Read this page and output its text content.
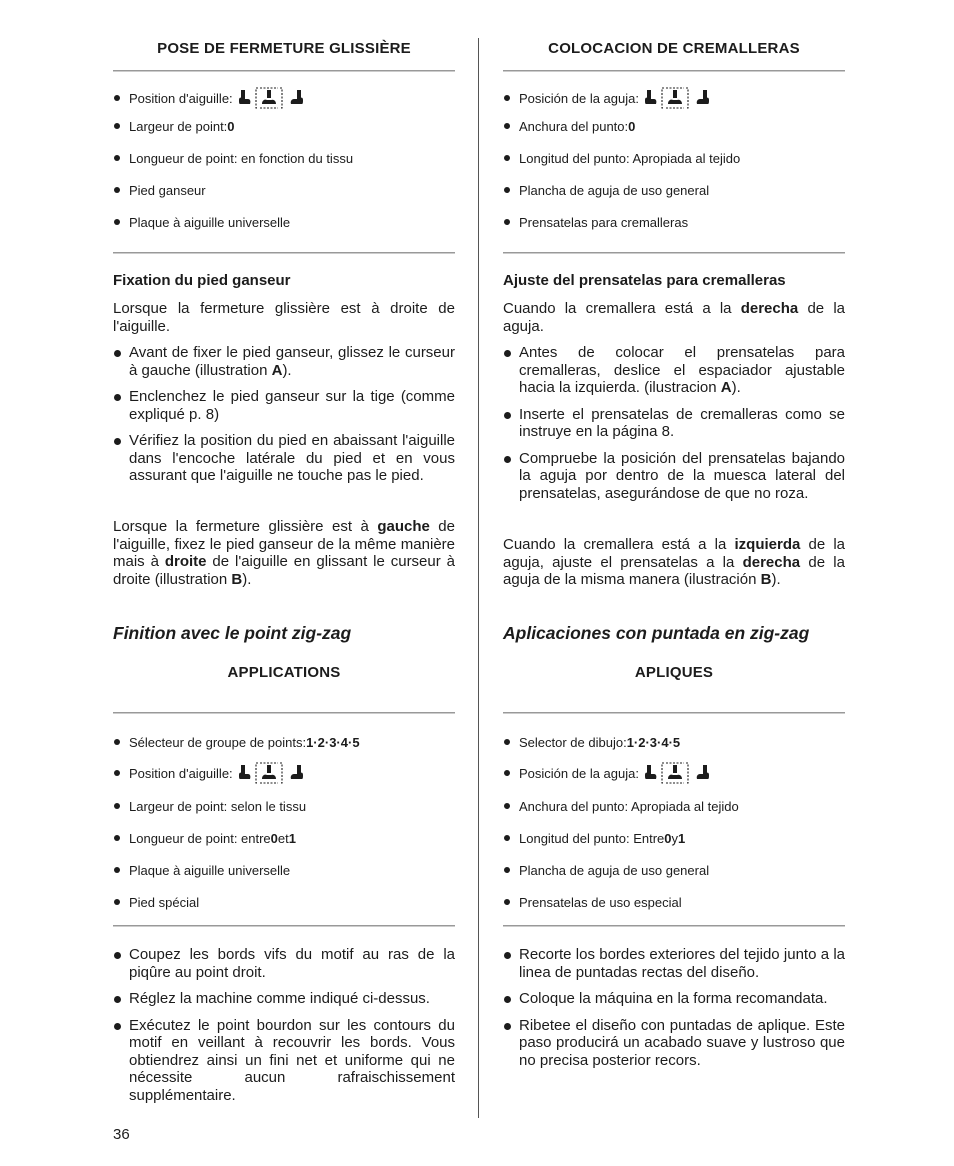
POSE DE FERMETURE GLISSIÈRE
Position d'aiguille:
Largeur de point: 0
Longueur de point: en fonction du tissu
Pied ganseur
Plaque à aiguille universelle
Fixation du pied ganseur

Lorsque la fermeture glissière est à droite de l'aiguille.

Avant de fixer le pied ganseur, glissez le curseur à gauche (illustration A).
Enclenchez le pied ganseur sur la tige (comme expliqué p. 8)
Vérifiez la position du pied en abaissant l'aiguille dans l'encoche latérale du pied et en vous assurant que l'aiguille ne touche pas le pied.

Lorsque la fermeture glissière est à gauche de l'aiguille, fixez le pied ganseur de la même manière mais à droite de l'aiguille en glissant le curseur à droite (illustration B).

Finition avec le point zig-zag
APPLICATIONS
Sélecteur de groupe de points: 1·2·3·4·5
Position d'aiguille:
Largeur de point: selon le tissu
Longueur de point: entre 0 et 1
Plaque à aiguille universelle
Pied spécial
Coupez les bords vifs du motif au ras de la piqûre au point droit.
Réglez la machine comme indiqué ci-dessus.
Exécutez le point bourdon sur les contours du motif en veillant à recouvrir les bords. Vous obtiendrez ainsi un fini net et uniforme qui ne nécessite aucun rafraischissement supplémentaire.
COLOCACION DE CREMALLERAS
Posición de la aguja:
Anchura del punto: 0
Longitud del punto: Apropiada al tejido
Plancha de aguja de uso general
Prensatelas para cremalleras
Ajuste del prensatelas para cremalleras

Cuando la cremallera está a la derecha de la aguja.

Antes de colocar el prensatelas para cremalleras, deslice el espaciador ajustable hacia la izquierda. (ilustracion A).
Inserte el prensatelas de cremalleras como se instruye en la página 8.
Compruebe la posición del prensatelas bajando la aguja por dentro de la muesca lateral del prensatelas, asegurándose de que no roza.

Cuando la cremallera está a la izquierda de la aguja, ajuste el prensatelas a la derecha de la aguja de la misma manera (ilustración B).

Aplicaciones con puntada en zig-zag
APLIQUES
Selector de dibujo: 1·2·3·4·5
Posición de la aguja:
Anchura del punto: Apropiada al tejido
Longitud del punto: Entre 0 y 1
Plancha de aguja de uso general
Prensatelas de uso especial
Recorte los bordes exteriores del tejido junto a la linea de puntadas rectas del diseño.
Coloque la máquina en la forma recomandata.
Ribetee el diseño con puntadas de aplique. Este paso producirá un acabado suave y lustroso que no precisa posterior recors.
36
